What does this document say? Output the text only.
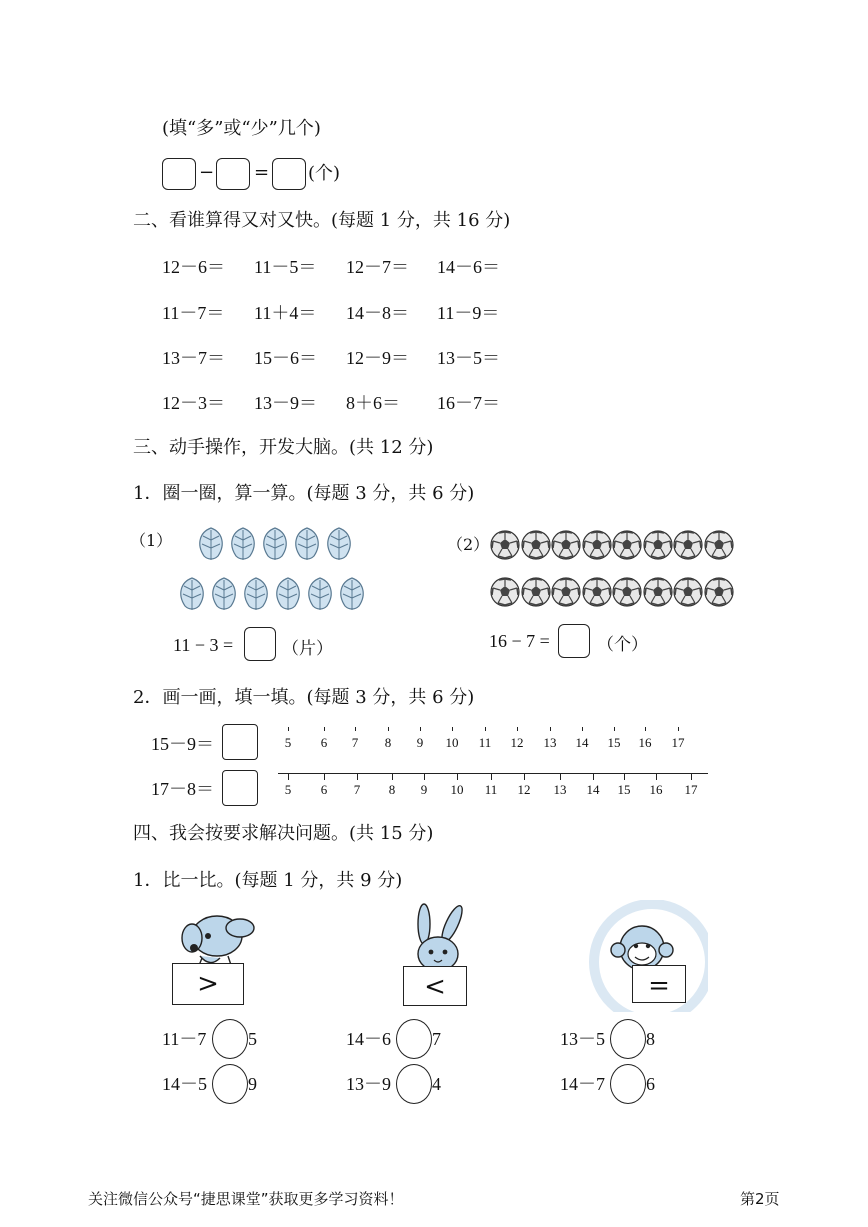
(填“多”或“少”几个)
− = (个)
二、看谁算得又对又快。(每题 1 分，共 16 分)
12－6＝ 11－5＝ 12－7＝ 14－6＝
11－7＝ 11＋4＝ 14－8＝ 11－9＝
13－7＝ 15－6＝ 12－9＝ 13－5＝
12－3＝ 13－9＝ 8＋6＝ 16－7＝
三、动手操作，开发大脑。(共 12 分)
1．圈一圈，算一算。(每题 3 分，共 6 分)
（1）
11 − 3 =	（片）
（2）
16 − 7 =	（个）
2．画一画，填一填。(每题 3 分，共 6 分)
15－9＝
17－8＝
5 6 7 8 9 10 11 12 13 14 15 16 17
5 6 7 8 9 10 11 12 13 14 15 16 17
四、我会按要求解决问题。(共 15 分)
1．比一比。(每题 1 分，共 9 分)
>	<	=
11－7 5	14－6 7	13－5 8
14－5 9	13－9 4	14－7 6
关注微信公众号“捷思课堂”获取更多学习资料！	第2页
